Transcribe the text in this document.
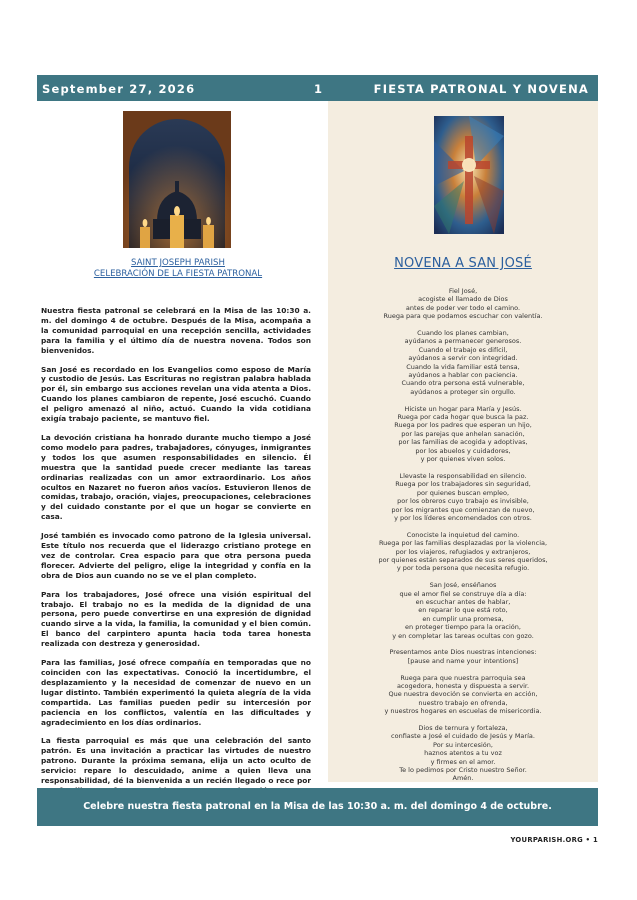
September 27, 2026	1	FIESTA PATRONAL Y NOVENA
SAINT JOSEPH PARISH
CELEBRACIÓN DE LA FIESTA PATRONAL

Nuestra fiesta patronal se celebrará en la Misa de las 10:30 a. m. del domingo 4 de octubre. Después de la Misa, acompaña a la comunidad parroquial en una recepción sencilla, actividades para la familia y el último día de nuestra novena. Todos son bienvenidos.

San José es recordado en los Evangelios como esposo de María y custodio de Jesús. Las Escrituras no registran palabra hablada por él, sin embargo sus acciones revelan una vida atenta a Dios. Cuando los planes cambiaron de repente, José escuchó. Cuando el peligro amenazó al niño, actuó. Cuando la vida cotidiana exigía trabajo paciente, se mantuvo fiel.

La devoción cristiana ha honrado durante mucho tiempo a José como modelo para padres, trabajadores, cónyuges, inmigrantes y todos los que asumen responsabilidades en silencio. Él muestra que la santidad puede crecer mediante las tareas ordinarias realizadas con un amor extraordinario. Los años ocultos en Nazaret no fueron años vacíos. Estuvieron llenos de comidas, trabajo, oración, viajes, preocupaciones, celebraciones y del cuidado constante por el que un hogar se convierte en casa.

José también es invocado como patrono de la Iglesia universal. Este título nos recuerda que el liderazgo cristiano protege en vez de controlar. Crea espacio para que otra persona pueda florecer. Advierte del peligro, elige la integridad y confía en la obra de Dios aun cuando no se ve el plan completo.

Para los trabajadores, José ofrece una visión espiritual del trabajo. El trabajo no es la medida de la dignidad de una persona, pero puede convertirse en una expresión de dignidad cuando sirve a la vida, la familia, la comunidad y el bien común. El banco del carpintero apunta hacia toda tarea honesta realizada con destreza y generosidad.

Para las familias, José ofrece compañía en temporadas que no coinciden con las expectativas. Conoció la incertidumbre, el desplazamiento y la necesidad de comenzar de nuevo en un lugar distinto. También experimentó la quieta alegría de la vida compartida. Las familias pueden pedir su intercesión por paciencia en los conflictos, valentía en las dificultades y agradecimiento en los días ordinarios.

La fiesta parroquial es más que una celebración del santo patrón. Es una invitación a practicar las virtudes de nuestro patrono. Durante la próxima semana, elija un acto oculto de servicio: repare lo descuidado, anime a quien lleva una responsabilidad, dé la bienvenida a un recién llegado o rece por

NOVENA A SAN JOSÉ

Fiel José,
acogiste el llamado de Dios
antes de poder ver todo el camino.
Ruega para que podamos escuchar con valentía.

Cuando los planes cambian,
ayúdanos a permanecer generosos.
Cuando el trabajo es difícil,
ayúdanos a servir con integridad.
Cuando la vida familiar está tensa,
ayúdanos a hablar con paciencia.
Cuando otra persona está vulnerable,
ayúdanos a proteger sin orgullo.

Hiciste un hogar para María y Jesús.
Ruega por cada hogar que busca la paz.
Ruega por los padres que esperan un hijo,
por las parejas que anhelan sanación,
por las familias de acogida y adoptivas,
por los abuelos y cuidadores,
y por quienes viven solos.

Llevaste la responsabilidad en silencio.
Ruega por los trabajadores sin seguridad,
por quienes buscan empleo,
por los obreros cuyo trabajo es invisible,
por los migrantes que comienzan de nuevo,
y por los líderes encomendados con otros.

Conociste la inquietud del camino.
Ruega por las familias desplazadas por la violencia,
por los viajeros, refugiados y extranjeros,
por quienes están separados de sus seres queridos,
y por toda persona que necesita refugio.

San José, enséñanos
que el amor fiel se construye día a día:
en escuchar antes de hablar,
en reparar lo que está roto,
en cumplir una promesa,
en proteger tiempo para la oración,
y en completar las tareas ocultas con gozo.

Presentamos ante Dios nuestras intenciones:
[pause and name your intentions]

Ruega para que nuestra parroquia sea
acogedora, honesta y dispuesta a servir.
Que nuestra devoción se convierta en acción,
nuestro trabajo en ofrenda,
y nuestros hogares en escuelas de misericordia.

Dios de ternura y fortaleza,
confiaste a José el cuidado de Jesús y María.
Por su intercesión,
haznos atentos a tu voz
y firmes en el amor.
Te lo pedimos por Cristo nuestro Señor.
Amén.

Celebre nuestra fiesta patronal en la Misa de las 10:30 a. m. del domingo 4 de octubre.
YOURPARISH.ORG • 1
